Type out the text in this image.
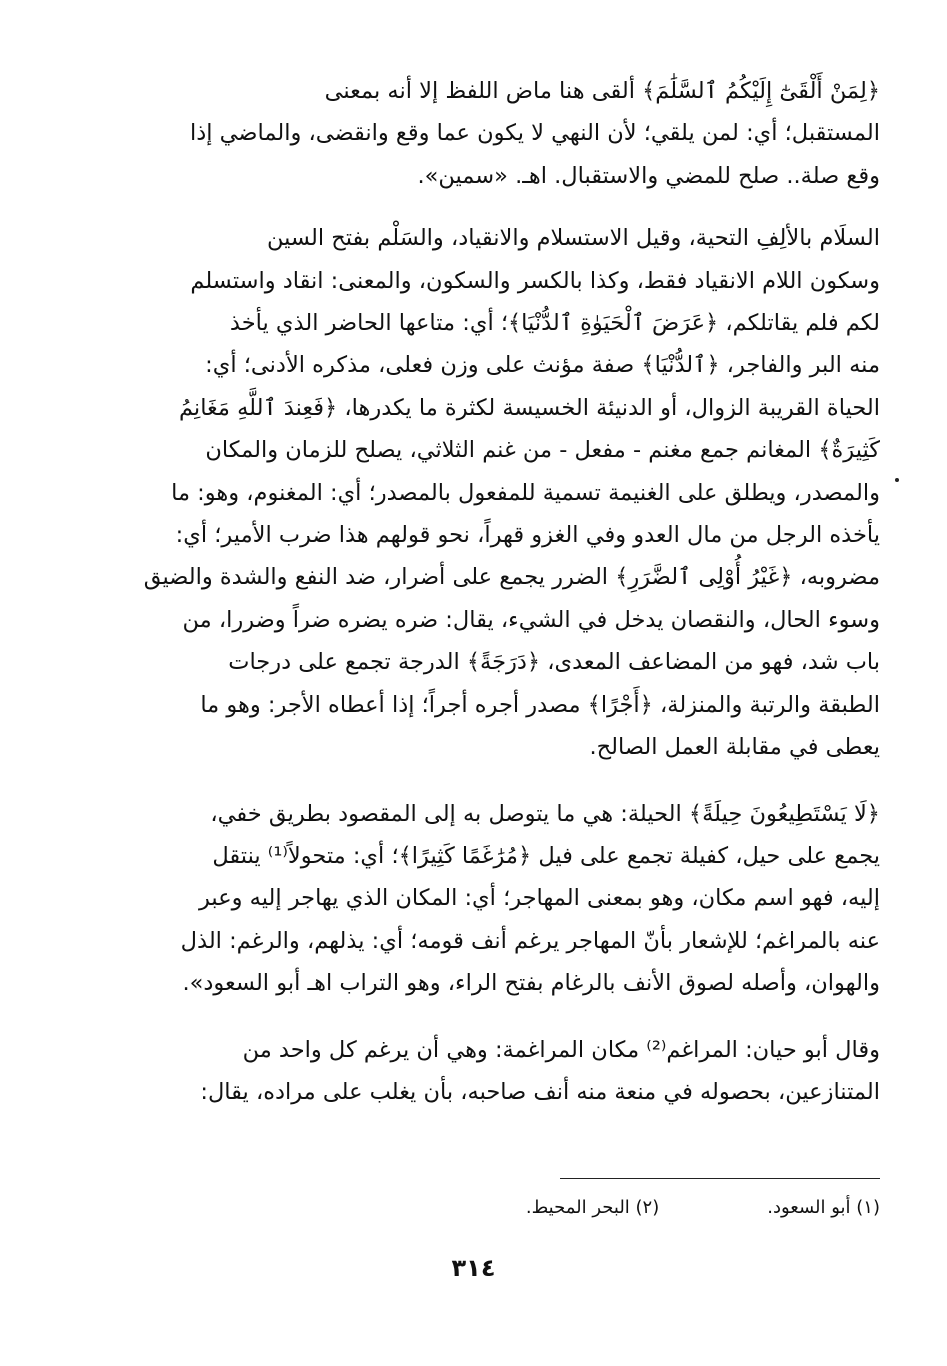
﴿لِمَنْ أَلْقَىٰٓ إِلَيْكُمُ ٱلسَّلَٰمَ﴾ ألقى هنا ماض اللفظ إلا أنه بمعنى
المستقبل؛ أي: لمن يلقي؛ لأن النهي لا يكون عما وقع وانقضى، والماضي إذا
وقع صلة.. صلح للمضي والاستقبال. اهـ. «سمين».

السلَام بالألِفِ التحية، وقيل الاستسلام والانقياد، والسَلْم بفتح السين
وسكون اللام الانقياد فقط، وكذا بالكسر والسكون، والمعنى: انقاد واستسلم
لكم فلم يقاتلكم، ﴿عَرَضَ ٱلْحَيَوٰةِ ٱلدُّنْيَا﴾؛ أي: متاعها الحاضر الذي يأخذ
منه البر والفاجر، ﴿ٱلدُّنْيَا﴾ صفة مؤنث على وزن فعلى، مذكره الأدنى؛ أي:
الحياة القريبة الزوال، أو الدنيئة الخسيسة لكثرة ما يكدرها، ﴿فَعِندَ ٱللَّهِ مَغَانِمُ
كَثِيرَةٌ﴾ المغانم جمع مغنم - مفعل - من غنم الثلاثي، يصلح للزمان والمكان
والمصدر، ويطلق على الغنيمة تسمية للمفعول بالمصدر؛ أي: المغنوم، وهو: ما
يأخذه الرجل من مال العدو وفي الغزو قهراً، نحو قولهم هذا ضرب الأمير؛ أي:
مضروبه، ﴿غَيْرُ أُوْلِى ٱلضَّرَرِ﴾ الضرر يجمع على أضرار، ضد النفع والشدة والضيق
وسوء الحال، والنقصان يدخل في الشيء، يقال: ضره يضره ضراً وضررا، من
باب شد، فهو من المضاعف المعدى، ﴿دَرَجَةً﴾ الدرجة تجمع على درجات
الطبقة والرتبة والمنزلة، ﴿أَجْرًا﴾ مصدر أجره أجراً؛ إذا أعطاه الأجر: وهو ما
يعطى في مقابلة العمل الصالح.

﴿لَا يَسْتَطِيعُونَ حِيلَةً﴾ الحيلة: هي ما يتوصل به إلى المقصود بطريق خفي،
يجمع على حيل، كفيلة تجمع على فيل ﴿مُرَٰغَمًا كَثِيرًا﴾؛ أي: متحولاً⁽¹⁾ ينتقل
إليه، فهو اسم مكان، وهو بمعنى المهاجر؛ أي: المكان الذي يهاجر إليه وعبر
عنه بالمراغم؛ للإشعار بأنّ المهاجر يرغم أنف قومه؛ أي: يذلهم، والرغم: الذل
والهوان، وأصله لصوق الأنف بالرغام بفتح الراء، وهو التراب اهـ أبو السعود».

وقال أبو حيان: المراغم⁽²⁾ مكان المراغمة: وهي أن يرغم كل واحد من
المتنازعين، بحصوله في منعة منه أنف صاحبه، بأن يغلب على مراده، يقال:

(١) أبو السعود.
(٢) البحر المحيط.
٣١٤
